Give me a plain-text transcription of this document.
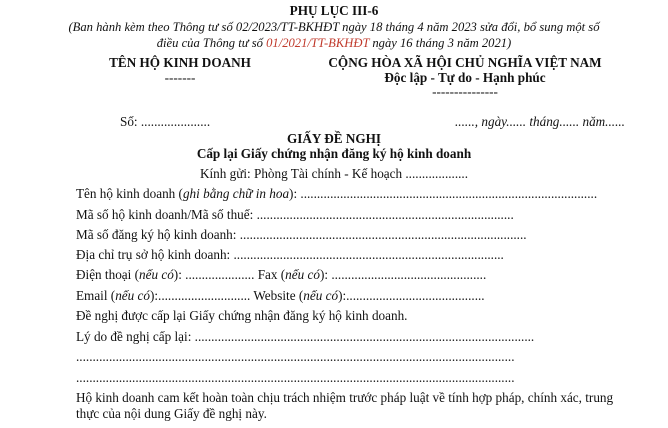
PHỤ LỤC III-6
(Ban hành kèm theo Thông tư số 02/2023/TT-BKHĐT ngày 18 tháng 4 năm 2023 sửa đổi, bổ sung một số
điều của Thông tư số 01/2021/TT-BKHĐT ngày 16 tháng 3 năm 2021)
TÊN HỘ KINH DOANH
-------
CỘNG HÒA XÃ HỘI CHỦ NGHĨA VIỆT NAM
Độc lập - Tự do - Hạnh phúc
---------------
Số: .....................	......, ngày...... tháng...... năm......
GIẤY ĐỀ NGHỊ
Cấp lại Giấy chứng nhận đăng ký hộ kinh doanh
Kính gửi: Phòng Tài chính - Kế hoạch ...................
Tên hộ kinh doanh (ghi bằng chữ in hoa): ..........................................................................................
Mã số hộ kinh doanh/Mã số thuế: ..............................................................................
Mã số đăng ký hộ kinh doanh: .......................................................................................
Địa chỉ trụ sở hộ kinh doanh: ..................................................................................
Điện thoại (nếu có): ..................... Fax (nếu có): ...............................................
Email (nếu có):............................ Website (nếu có):..........................................
Đề nghị được cấp lại Giấy chứng nhận đăng ký hộ kinh doanh.
Lý do đề nghị cấp lại: .......................................................................................................
.....................................................................................................................................
.....................................................................................................................................
Hộ kinh doanh cam kết hoàn toàn chịu trách nhiệm trước pháp luật về tính hợp pháp, chính xác, trung
thực của nội dung Giấy đề nghị này.
